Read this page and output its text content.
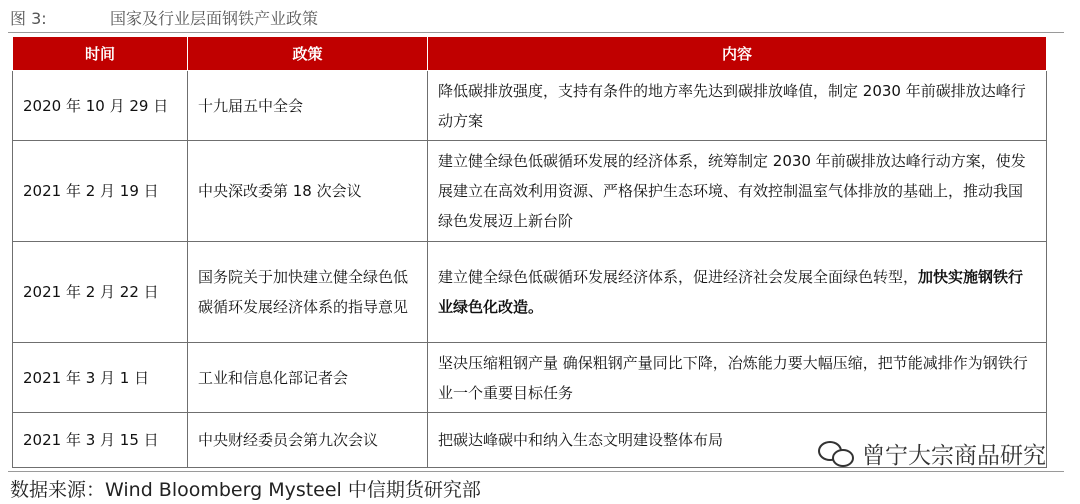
图 3:	国家及行业层面钢铁产业政策
时间	政策	内容
2020 年 10 月 29 日	十九届五中全会	降低碳排放强度，支持有条件的地方率先达到碳排放峰值，制定 2030 年前碳排放达峰行动方案
2021 年 2 月 19 日	中央深改委第 18 次会议	建立健全绿色低碳循环发展的经济体系，统筹制定 2030 年前碳排放达峰行动方案，使发展建立在高效利用资源、严格保护生态环境、有效控制温室气体排放的基础上，推动我国绿色发展迈上新台阶
2021 年 2 月 22 日	国务院关于加快建立健全绿色低碳循环发展经济体系的指导意见	建立健全绿色低碳循环发展经济体系，促进经济社会发展全面绿色转型，加快实施钢铁行业绿色化改造。
2021 年 3 月 1 日	工业和信息化部记者会	坚决压缩粗钢产量 确保粗钢产量同比下降，冶炼能力要大幅压缩，把节能减排作为钢铁行业一个重要目标任务
2021 年 3 月 15 日	中央财经委员会第九次会议	把碳达峰碳中和纳入生态文明建设整体布局
曾宁大宗商品研究
数据来源：Wind Bloomberg Mysteel 中信期货研究部
